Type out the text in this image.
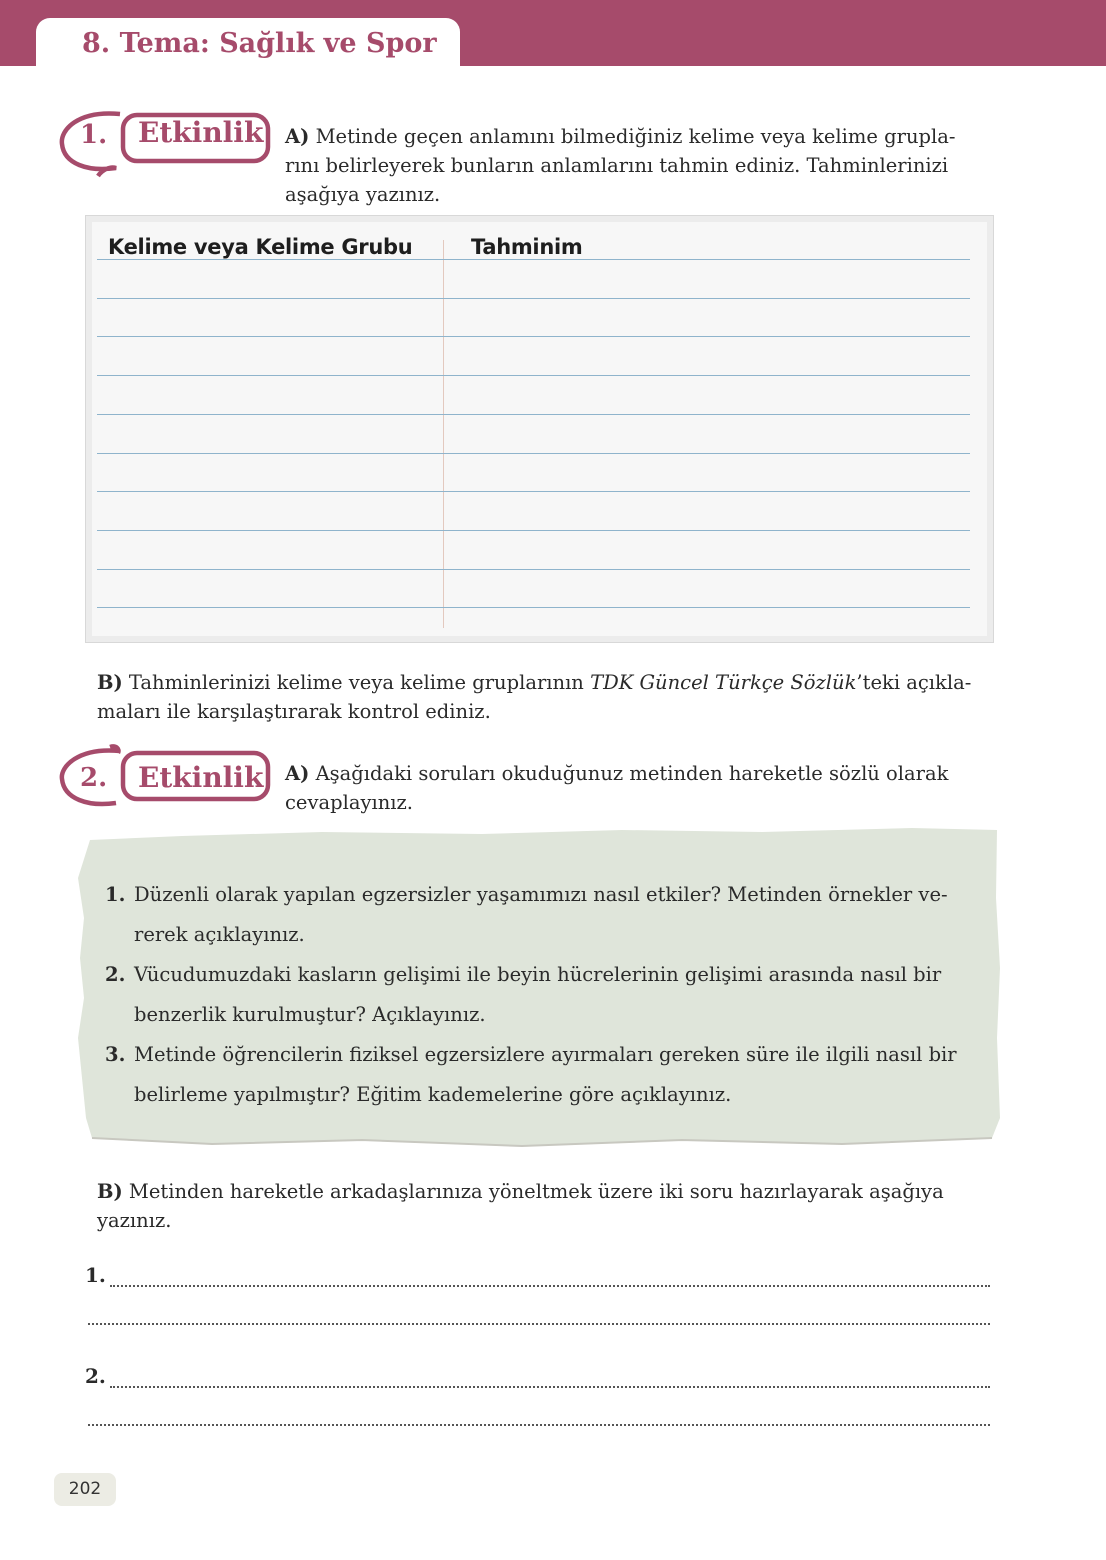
8. Tema: Sağlık ve Spor
1. Etkinlik A) Metinde geçen anlamını bilmediğiniz kelime veya kelime grupla-
rını belirleyerek bunların anlamlarını tahmin ediniz. Tahminlerinizi
aşağıya yazınız.
Kelime veya Kelime Grubu	Tahminim
B) Tahminlerinizi kelime veya kelime gruplarının TDK Güncel Türkçe Sözlük’teki açıkla-
maları ile karşılaştırarak kontrol ediniz.
2. Etkinlik A) Aşağıdaki soruları okuduğunuz metinden hareketle sözlü olarak
cevaplayınız.
1. Düzenli olarak yapılan egzersizler yaşamımızı nasıl etkiler? Metinden örnekler ve-
rerek açıklayınız.
2. Vücudumuzdaki kasların gelişimi ile beyin hücrelerinin gelişimi arasında nasıl bir
benzerlik kurulmuştur? Açıklayınız.
3. Metinde öğrencilerin fiziksel egzersizlere ayırmaları gereken süre ile ilgili nasıl bir
belirleme yapılmıştır? Eğitim kademelerine göre açıklayınız.
B) Metinden hareketle arkadaşlarınıza yöneltmek üzere iki soru hazırlayarak aşağıya
yazınız.
1.
2.
202
